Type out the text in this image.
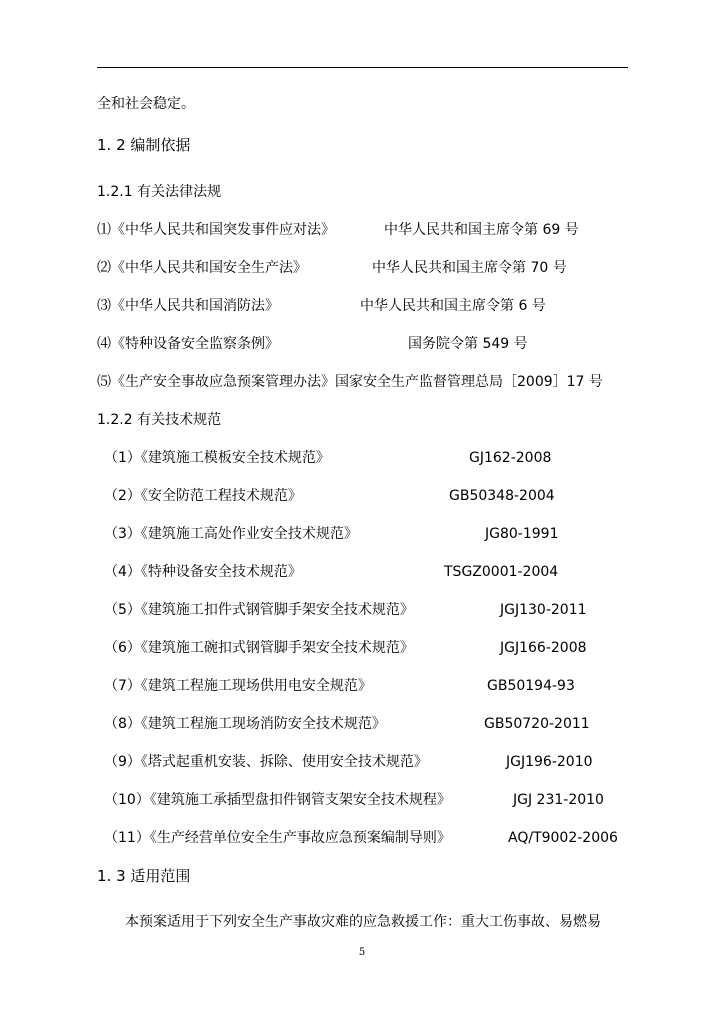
全和社会稳定。
1. 2 编制依据
1.2.1 有关法律法规
⑴《中华人民共和国突发事件应对法》	中华人民共和国主席令第 69 号
⑵《中华人民共和国安全生产法》	中华人民共和国主席令第 70 号
⑶《中华人民共和国消防法》	中华人民共和国主席令第 6 号
⑷《特种设备安全监察条例》	国务院令第 549 号
⑸《生产安全事故应急预案管理办法》国家安全生产监督管理总局［2009］17 号
1.2.2 有关技术规范
（1）《建筑施工模板安全技术规范》	GJ162-2008
（2）《安全防范工程技术规范》	GB50348-2004
（3）《建筑施工高处作业安全技术规范》	JG80-1991
（4）《特种设备安全技术规范》	TSGZ0001-2004
（5）《建筑施工扣件式钢管脚手架安全技术规范》	JGJ130-2011
（6）《建筑施工碗扣式钢管脚手架安全技术规范》	JGJ166-2008
（7）《建筑工程施工现场供用电安全规范》	GB50194-93
（8）《建筑工程施工现场消防安全技术规范》	GB50720-2011
（9）《塔式起重机安装、拆除、使用安全技术规范》	JGJ196-2010
（10）《建筑施工承插型盘扣件钢管支架安全技术规程》	JGJ 231-2010
（11）《生产经营单位安全生产事故应急预案编制导则》	AQ/T9002-2006
1. 3 适用范围
本预案适用于下列安全生产事故灾难的应急救援工作：重大工伤事故、易燃易
5
